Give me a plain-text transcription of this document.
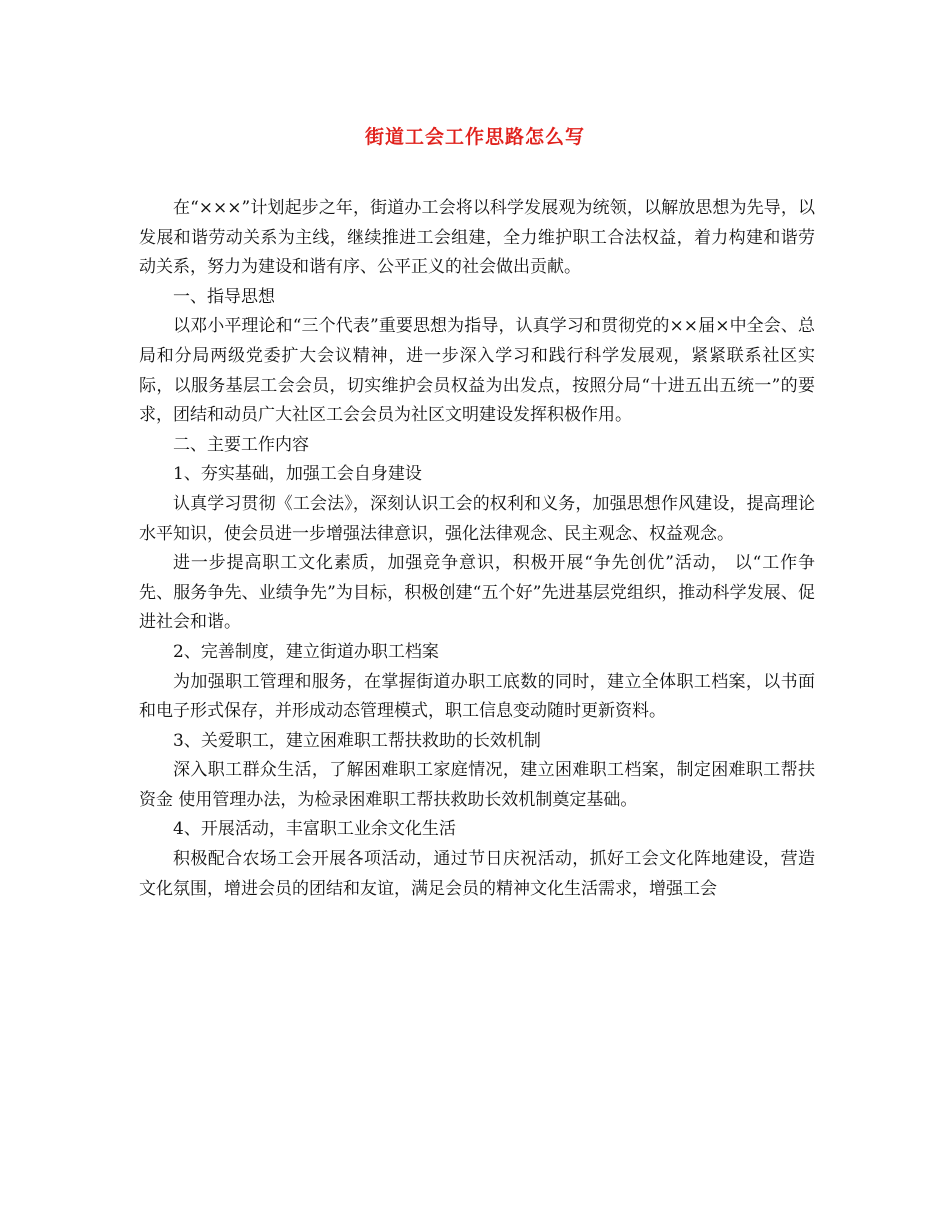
街道工会工作思路怎么写

在“×××”计划起步之年，街道办工会将以科学发展观为统领，以解放思想为先导，以发展和谐劳动关系为主线，继续推进工会组建，全力维护职工合法权益，着力构建和谐劳动关系，努力为建设和谐有序、公平正义的社会做出贡献。

一、指导思想

以邓小平理论和“三个代表”重要思想为指导，认真学习和贯彻党的××届×中全会、总局和分局两级党委扩大会议精神，进一步深入学习和践行科学发展观，紧紧联系社区实际，以服务基层工会会员，切实维护会员权益为出发点，按照分局“十进五出五统一”的要求，团结和动员广大社区工会会员为社区文明建设发挥积极作用。

二、主要工作内容

1、夯实基础，加强工会自身建设

认真学习贯彻《工会法》，深刻认识工会的权利和义务，加强思想作风建设，提高理论水平知识，使会员进一步增强法律意识，强化法律观念、民主观念、权益观念。

进一步提高职工文化素质，加强竞争意识，积极开展“争先创优”活动， 以“工作争先、服务争先、业绩争先”为目标，积极创建“五个好”先进基层党组织，推动科学发展、促进社会和谐。

2、完善制度，建立街道办职工档案

为加强职工管理和服务，在掌握街道办职工底数的同时，建立全体职工档案，以书面和电子形式保存，并形成动态管理模式，职工信息变动随时更新资料。

3、关爱职工，建立困难职工帮扶救助的长效机制

深入职工群众生活，了解困难职工家庭情况，建立困难职工档案，制定困难职工帮扶资金 使用管理办法，为检录困难职工帮扶救助长效机制奠定基础。

4、开展活动，丰富职工业余文化生活

积极配合农场工会开展各项活动，通过节日庆祝活动，抓好工会文化阵地建设，营造文化氛围，增进会员的团结和友谊，满足会员的精神文化生活需求，增强工会
